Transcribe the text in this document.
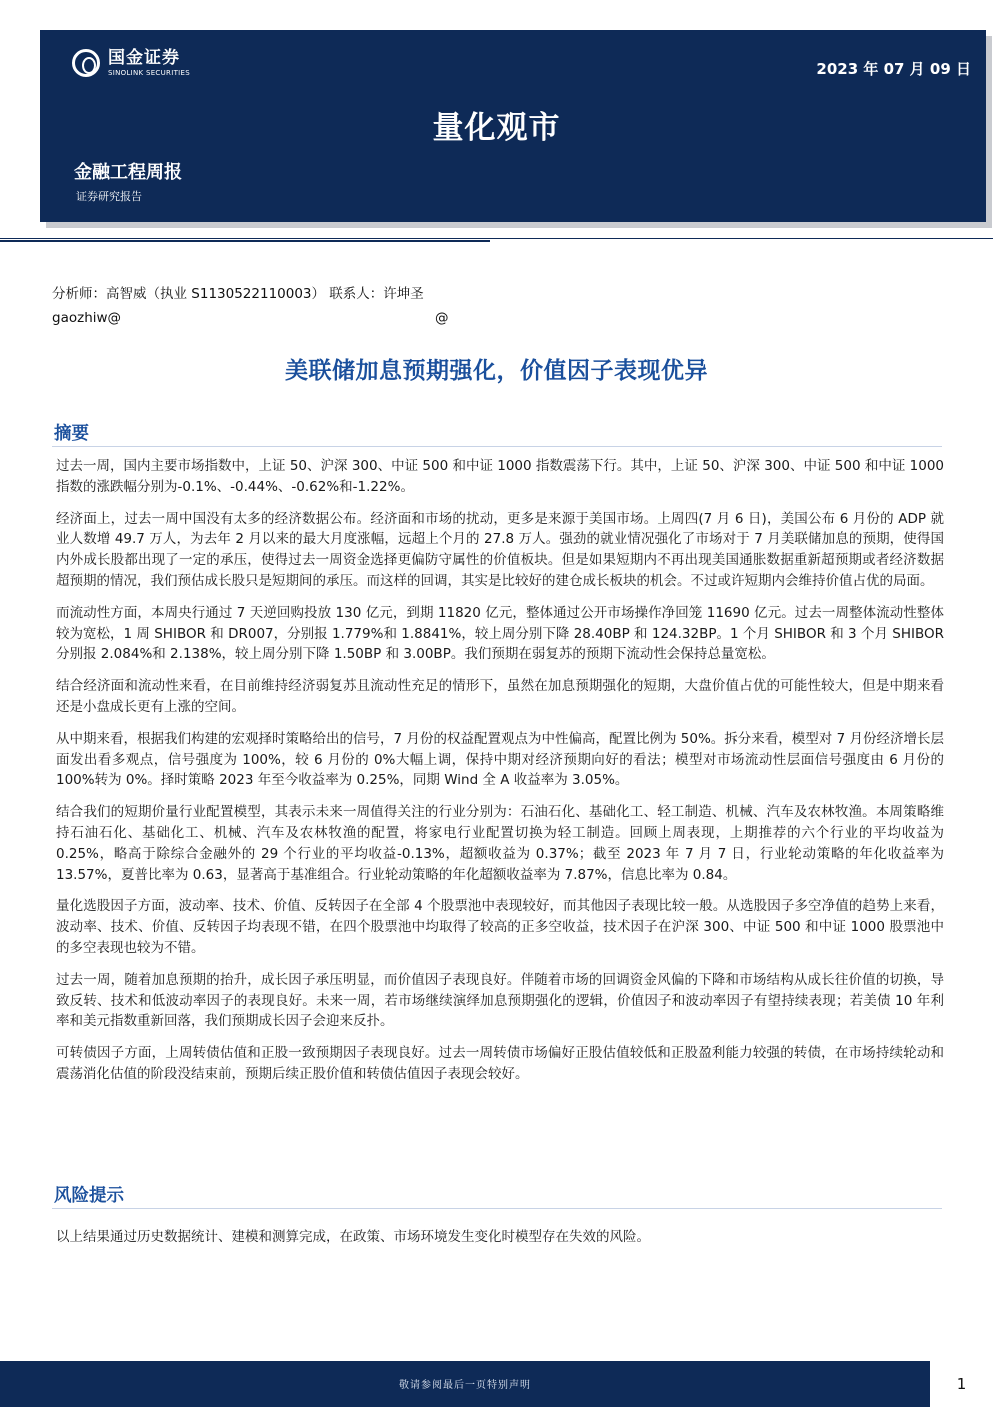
国金证券
SINOLINK SECURITIES	2023 年 07 月 09 日
量化观市
金融工程周报
证券研究报告
分析师：高智威（执业 S1130522110003） 联系人：许坤圣
gaozhiw@	@
美联储加息预期强化，价值因子表现优异
摘要

过去一周，国内主要市场指数中，上证 50、沪深 300、中证 500 和中证 1000 指数震荡下行。其中，上证 50、沪深 300、中证 500 和中证 1000 指数的涨跌幅分别为-0.1%、-0.44%、-0.62%和-1.22%。

经济面上，过去一周中国没有太多的经济数据公布。经济面和市场的扰动，更多是来源于美国市场。上周四(7 月 6 日)，美国公布 6 月份的 ADP 就业人数增 49.7 万人，为去年 2 月以来的最大月度涨幅，远超上个月的 27.8 万人。强劲的就业情况强化了市场对于 7 月美联储加息的预期，使得国内外成长股都出现了一定的承压，使得过去一周资金选择更偏防守属性的价值板块。但是如果短期内不再出现美国通胀数据重新超预期或者经济数据超预期的情况，我们预估成长股只是短期间的承压。而这样的回调，其实是比较好的建仓成长板块的机会。不过或许短期内会维持价值占优的局面。

而流动性方面，本周央行通过 7 天逆回购投放 130 亿元，到期 11820 亿元，整体通过公开市场操作净回笼 11690 亿元。过去一周整体流动性整体较为宽松，1 周 SHIBOR 和 DR007，分别报 1.779%和 1.8841%，较上周分别下降 28.40BP 和 124.32BP。1 个月 SHIBOR 和 3 个月 SHIBOR 分别报 2.084%和 2.138%，较上周分别下降 1.50BP 和 3.00BP。我们预期在弱复苏的预期下流动性会保持总量宽松。

结合经济面和流动性来看，在目前维持经济弱复苏且流动性充足的情形下，虽然在加息预期强化的短期，大盘价值占优的可能性较大，但是中期来看还是小盘成长更有上涨的空间。

从中期来看，根据我们构建的宏观择时策略给出的信号，7 月份的权益配置观点为中性偏高，配置比例为 50%。拆分来看，模型对 7 月份经济增长层面发出看多观点，信号强度为 100%，较 6 月份的 0%大幅上调，保持中期对经济预期向好的看法；模型对市场流动性层面信号强度由 6 月份的 100%转为 0%。择时策略 2023 年至今收益率为 0.25%，同期 Wind 全 A 收益率为 3.05%。

结合我们的短期价量行业配置模型，其表示未来一周值得关注的行业分别为：石油石化、基础化工、轻工制造、机械、汽车及农林牧渔。本周策略维持石油石化、基础化工、机械、汽车及农林牧渔的配置，将家电行业配置切换为轻工制造。回顾上周表现，上期推荐的六个行业的平均收益为 0.25%，略高于除综合金融外的 29 个行业的平均收益-0.13%，超额收益为 0.37%；截至 2023 年 7 月 7 日，行业轮动策略的年化收益率为 13.57%，夏普比率为 0.63，显著高于基准组合。行业轮动策略的年化超额收益率为 7.87%，信息比率为 0.84。

量化选股因子方面，波动率、技术、价值、反转因子在全部 4 个股票池中表现较好，而其他因子表现比较一般。从选股因子多空净值的趋势上来看，波动率、技术、价值、反转因子均表现不错，在四个股票池中均取得了较高的正多空收益，技术因子在沪深 300、中证 500 和中证 1000 股票池中的多空表现也较为不错。

过去一周，随着加息预期的抬升，成长因子承压明显，而价值因子表现良好。伴随着市场的回调资金风偏的下降和市场结构从成长往价值的切换，导致反转、技术和低波动率因子的表现良好。未来一周，若市场继续演绎加息预期强化的逻辑，价值因子和波动率因子有望持续表现；若美债 10 年利率和美元指数重新回落，我们预期成长因子会迎来反扑。

可转债因子方面，上周转债估值和正股一致预期因子表现良好。过去一周转债市场偏好正股估值较低和正股盈利能力较强的转债，在市场持续轮动和震荡消化估值的阶段没结束前，预期后续正股价值和转债估值因子表现会较好。

风险提示
以上结果通过历史数据统计、建模和测算完成，在政策、市场环境发生变化时模型存在失效的风险。
敬请参阅最后一页特别声明	1
